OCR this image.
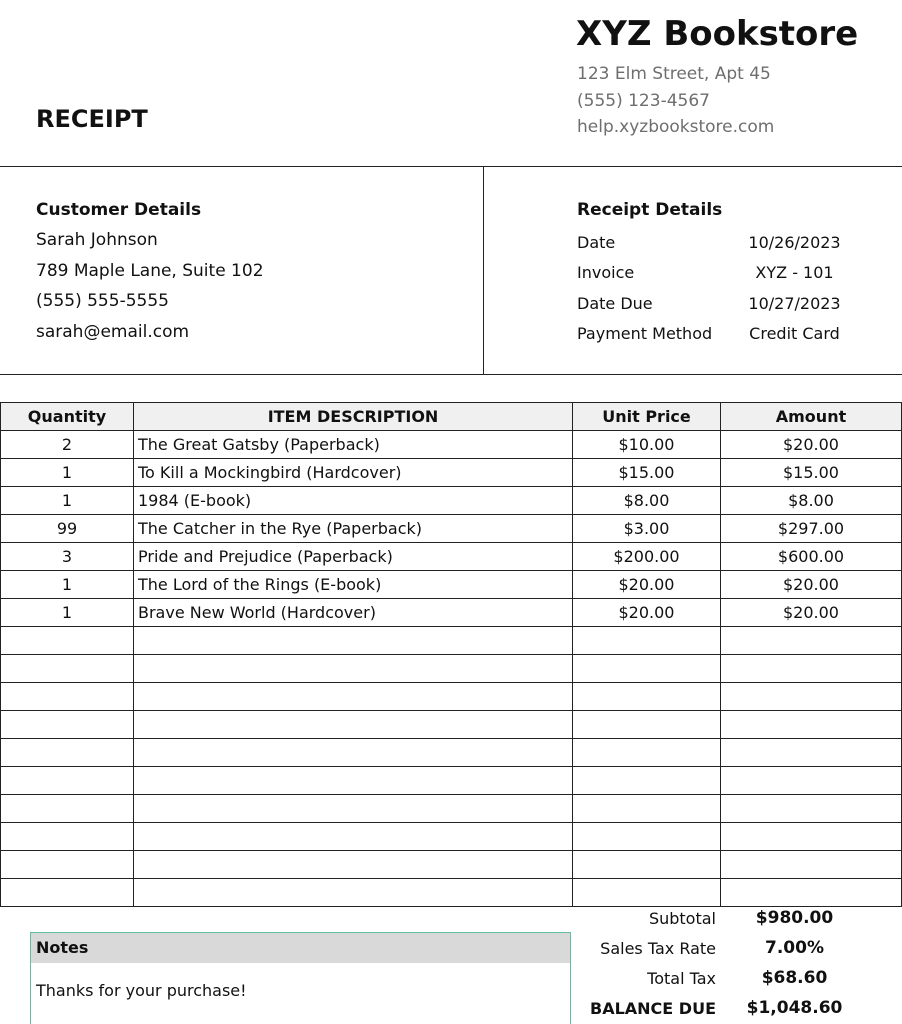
XYZ Bookstore
123 Elm Street, Apt 45
(555) 123-4567
help.xyzbookstore.com
RECEIPT
Customer Details
Sarah Johnson
789 Maple Lane, Suite 102
(555) 555-5555
sarah@email.com
Receipt Details
Date	10/26/2023
Invoice	XYZ - 101
Date Due	10/27/2023
Payment Method	Credit Card
Quantity	ITEM DESCRIPTION	Unit Price	Amount
2	The Great Gatsby (Paperback)	$10.00	$20.00
1	To Kill a Mockingbird (Hardcover)	$15.00	$15.00
1	1984 (E-book)	$8.00	$8.00
99	The Catcher in the Rye (Paperback)	$3.00	$297.00
3	Pride and Prejudice (Paperback)	$200.00	$600.00
1	The Lord of the Rings (E-book)	$20.00	$20.00
1	Brave New World (Hardcover)	$20.00	$20.00

Notes
Thanks for your purchase!
Subtotal	$980.00
Sales Tax Rate	7.00%
Total Tax	$68.60
BALANCE DUE	$1,048.60
